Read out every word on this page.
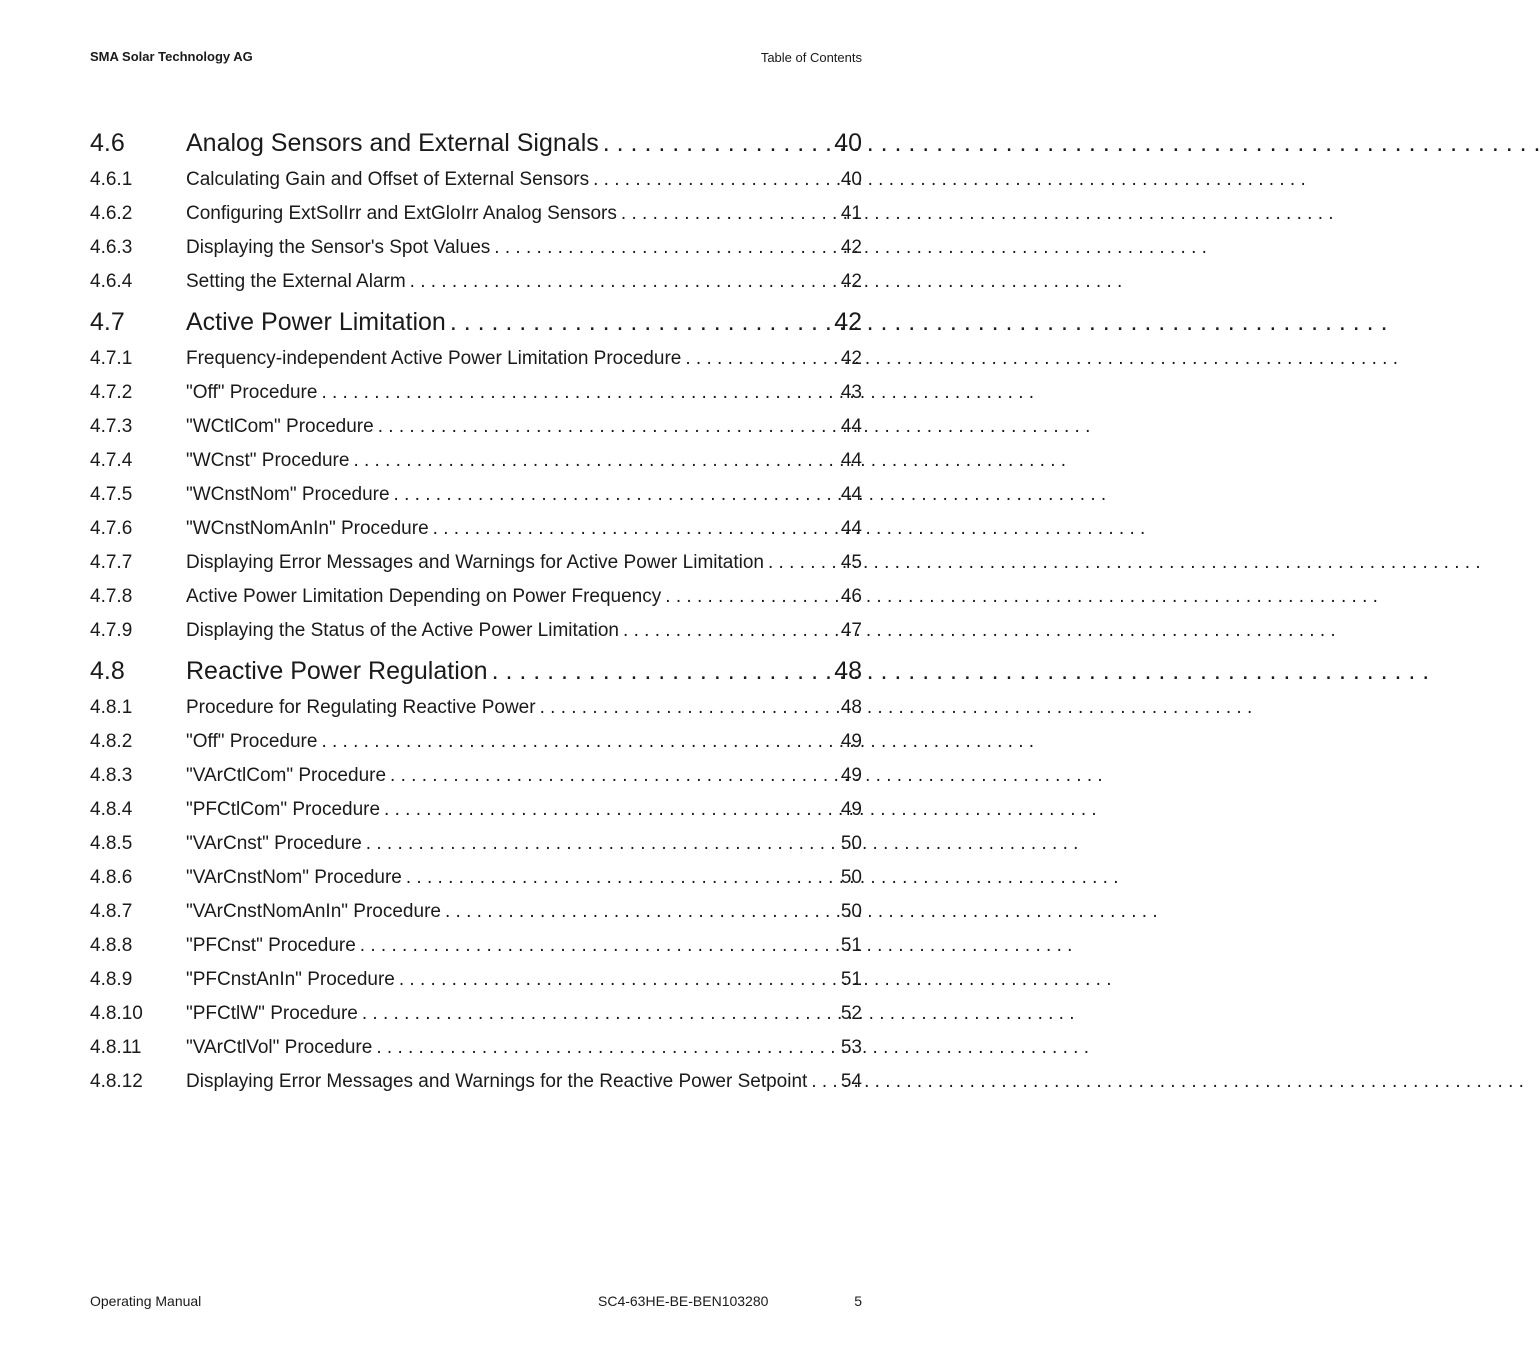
SMA Solar Technology AG	Table of Contents
4.6	Analog Sensors and External Signals . . .	40
4.6.1	Calculating Gain and Offset of External Sensors . . .	40
4.6.2	Configuring ExtSolIrr and ExtGloIrr Analog Sensors . . .	41
4.6.3	Displaying the Sensor's Spot Values . . .	42
4.6.4	Setting the External Alarm . . .	42
4.7	Active Power Limitation . . .	42
4.7.1	Frequency-independent Active Power Limitation Procedure . . .	42
4.7.2	"Off" Procedure . . .	43
4.7.3	"WCtlCom" Procedure . . .	44
4.7.4	"WCnst" Procedure . . .	44
4.7.5	"WCnstNom" Procedure . . .	44
4.7.6	"WCnstNomAnIn" Procedure . . .	44
4.7.7	Displaying Error Messages and Warnings for Active Power Limitation . . .	45
4.7.8	Active Power Limitation Depending on Power Frequency . . .	46
4.7.9	Displaying the Status of the Active Power Limitation . . .	47
4.8	Reactive Power Regulation . . .	48
4.8.1	Procedure for Regulating Reactive Power . . .	48
4.8.2	"Off" Procedure . . .	49
4.8.3	"VArCtlCom" Procedure . . .	49
4.8.4	"PFCtlCom" Procedure . . .	49
4.8.5	"VArCnst" Procedure . . .	50
4.8.6	"VArCnstNom" Procedure . . .	50
4.8.7	"VArCnstNomAnIn" Procedure . . .	50
4.8.8	"PFCnst" Procedure . . .	51
4.8.9	"PFCnstAnIn" Procedure . . .	51
4.8.10	"PFCtlW" Procedure . . .	52
4.8.11	"VArCtlVol" Procedure . . .	53
4.8.12	Displaying Error Messages and Warnings for the Reactive Power Setpoint . . . 54
Operating Manual	SC4-63HE-BE-BEN103280	5
